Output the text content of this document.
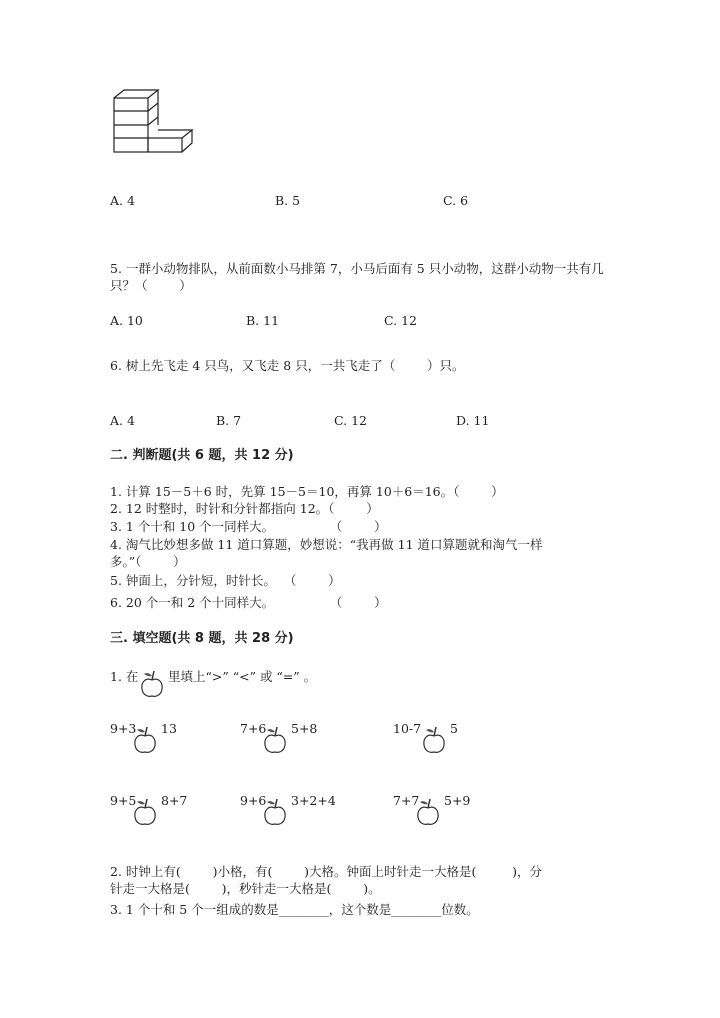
A. 4	B. 5	C. 6
5. 一群小动物排队，从前面数小马排第 7，小马后面有 5 只小动物，这群小动物一共有几
只？（        ）
A. 10	B. 11	C. 12
6. 树上先飞走 4 只鸟，又飞走 8 只，一共飞走了（        ）只。
A. 4	B. 7	C. 12	D. 11
二. 判断题(共 6 题，共 12 分)
1. 计算 15－5＋6 时，先算 15－5＝10，再算 10＋6＝16。（        ）
2. 12 时整时，时针和分针都指向 12。（        ）
3. 1 个十和 10 个一同样大。              （        ）
4. 淘气比妙想多做 11 道口算题，妙想说：“我再做 11 道口算题就和淘气一样
多。”（        ）
5. 钟面上，分针短，时针长。  （        ）
6. 20 个一和 2 个十同样大。              （        ）
三. 填空题(共 8 题，共 28 分)
1. 在 里填上“>” “<” 或 “=” 。
9+3 13	7+6 5+8	10-7 5
9+5 8+7	9+6 3+2+4	7+7 5+9
2. 时钟上有(        )小格，有(        )大格。钟面上时针走一大格是(         )，分
针走一大格是(        )，秒针走一大格是(        )。
3. 1 个十和 5 个一组成的数是________，这个数是________位数。
